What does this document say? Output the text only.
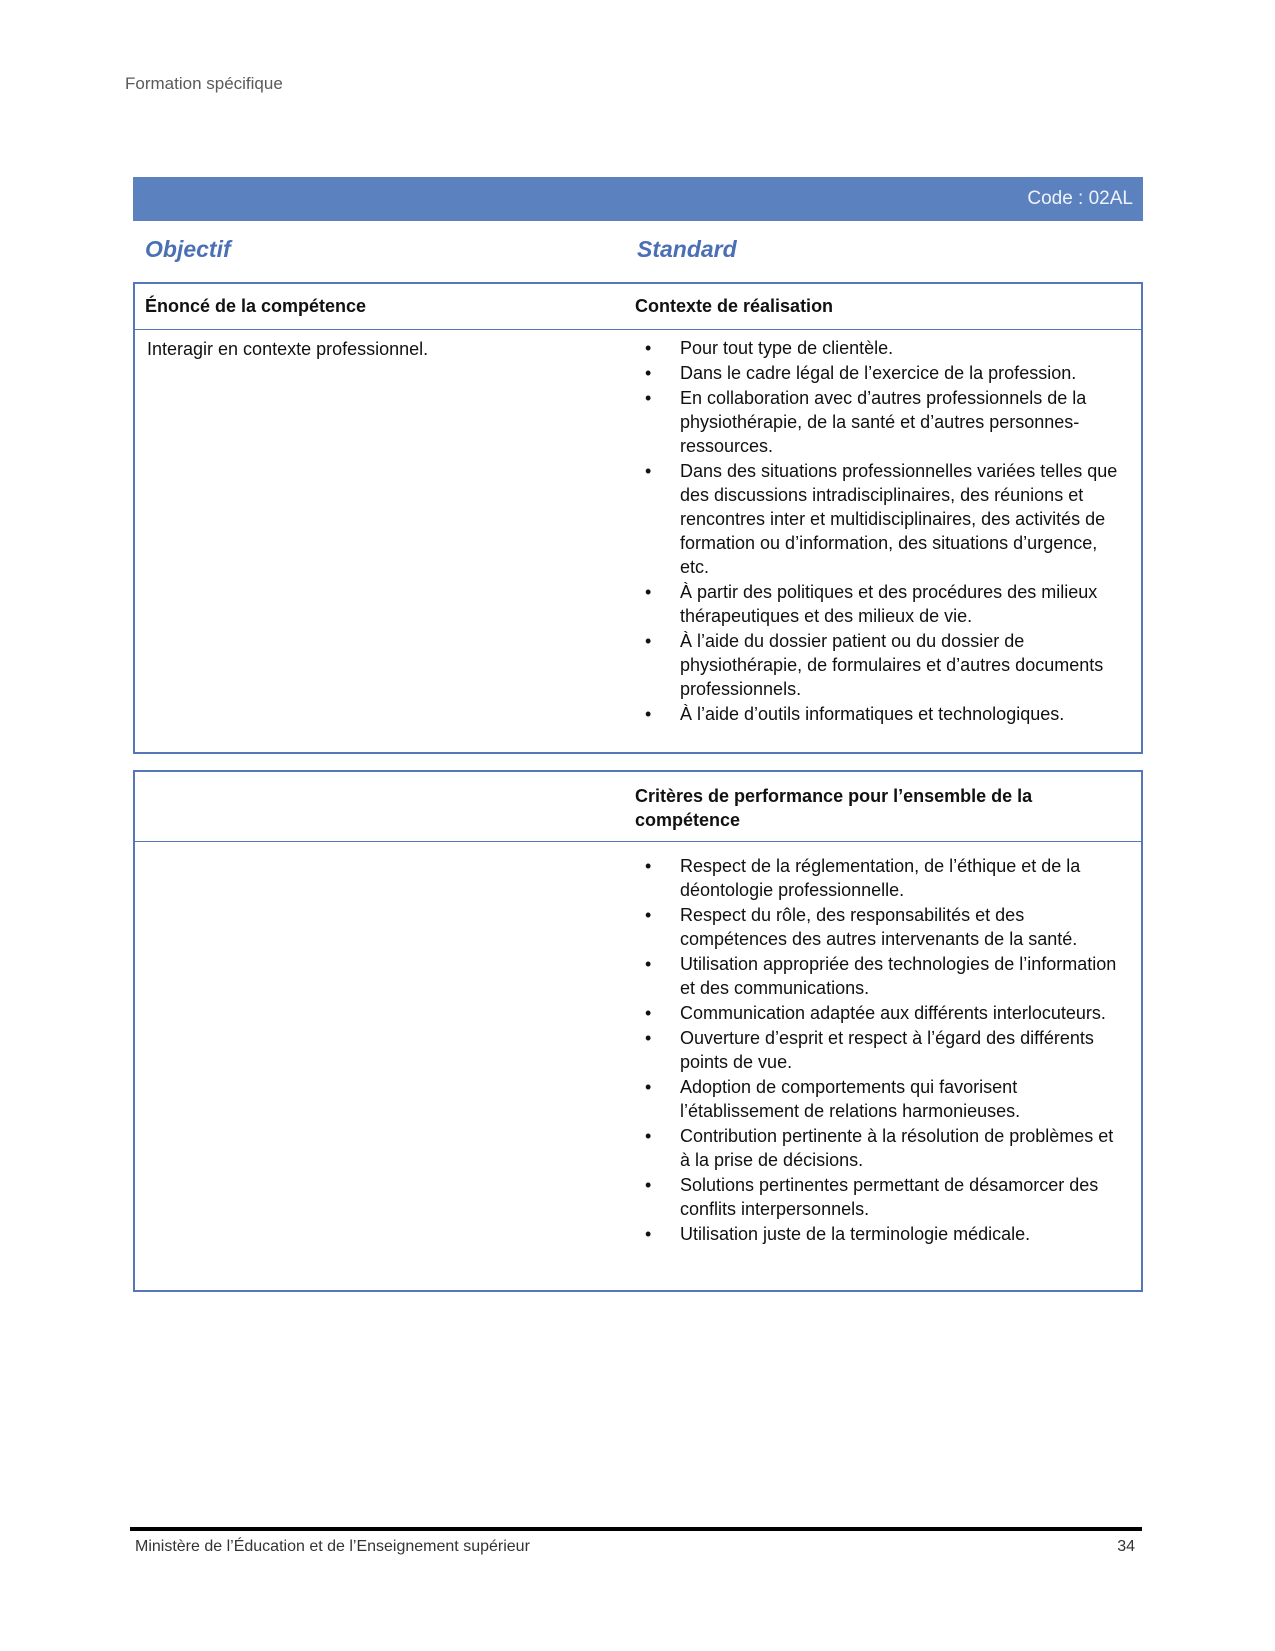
Formation spécifique
Code : 02AL
Objectif	Standard
Énoncé de la compétence	Contexte de réalisation
Interagir en contexte professionnel.
•	Pour tout type de clientèle.
• Dans le cadre légal de l’exercice de la profession.
• En collaboration avec d’autres professionnels de la physiothérapie, de la santé et d’autres personnes-ressources.
• Dans des situations professionnelles variées telles que des discussions intradisciplinaires, des réunions et rencontres inter et multidisciplinaires, des activités de formation ou d’information, des situations d’urgence, etc.
• À partir des politiques et des procédures des milieux thérapeutiques et des milieux de vie.
• À l’aide du dossier patient ou du dossier de physiothérapie, de formulaires et d’autres documents professionnels.
• À l’aide d’outils informatiques et technologiques.
Critères de performance pour l’ensemble de la compétence
• Respect de la réglementation, de l’éthique et de la déontologie professionnelle.
• Respect du rôle, des responsabilités et des compétences des autres intervenants de la santé.
• Utilisation appropriée des technologies de l’information et des communications.
• Communication adaptée aux différents interlocuteurs.
• Ouverture d’esprit et respect à l’égard des différents points de vue.
• Adoption de comportements qui favorisent l’établissement de relations harmonieuses.
• Contribution pertinente à la résolution de problèmes et à la prise de décisions.
• Solutions pertinentes permettant de désamorcer des conflits interpersonnels.
• Utilisation juste de la terminologie médicale.
Ministère de l’Éducation et de l’Enseignement supérieur	34
